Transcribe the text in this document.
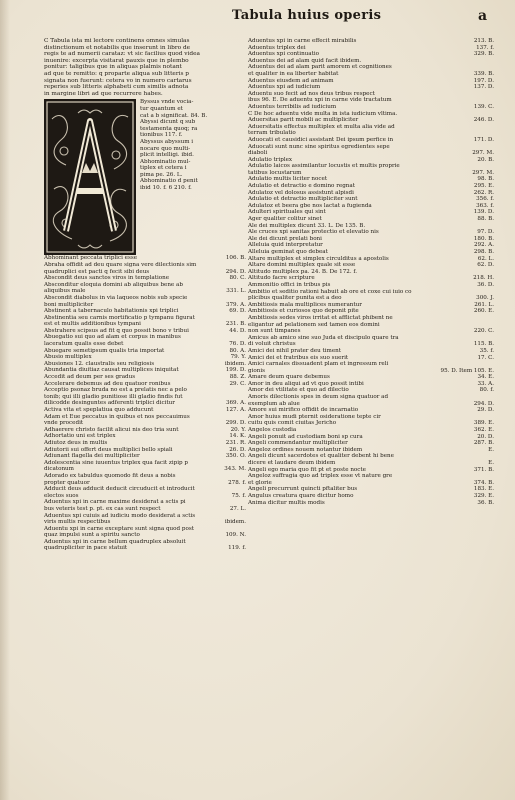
Tabula huius operis	a
C Tabula ista mi lectore continens omnes simulas
distinctionum et notabilis que inserunt in libro de
regis te ad numerii carataz: vt sic facilius quod videa
inuenire: excerpta visitarat pauxis que in plembo
ponitur: taligibus que in aliquas plalmis notant
ad que te remitto: q proparte aliqua sub litteris p
signata non fuerunt: cetera vo in numero cartarus
reperies sub litteris alphabeti cum similis adnota
in margine libri ad que recurrere habes.
Byssus vnde vocia-
tur quantum et
cat a b significat. 84. B.
Abyssi dicunt q sub
testamenta quoq; ra
tionibus 117. f.
Abyssus abyssum i
nocare quo multi-
plicit intelligi. ibid.
Abhominatio mul-
tiplex et cetera i
pima pe. 26. L.
Abhominatio d penit
ibid 10. f. 6 210. f.
Abhominant peccata triplici esse	106. B.
Abraha offidit ad deu quare signa vere dilectionis sim
quadruplici est pacti q fecit sibi deus	294. D.
Abscondit deus sanctos viros in templatione	80. C.
Absconditur eloquia domini ab aliquibus bene ab
aliquibus male	331. L.
Abscondit diabolus in via laqueos nobis sub specie
boni multipliciter	379. A.
Abstinent a tabernaculo habitationis xpi triplici	69. D.
Abstinentia seu carnis mortificatio p tympanu figurat
est et multis additionibus tympani	231. B.
Abstrahere scipsus ad fit q quo possit bono v tribui	44. D.
Abuegatio sui quo ad alam et corpus in manibus
laceratum qualis esse debet	76. D.
Abuegare semetipsum qualis tria importat	80. A.
Abusio multiplex	79. Y.
Abusiones 12. claustralis seu religiosis	ibidem.
Abundantia diuitiaz causat multiplices iniquitat	199. D.
Accedit ad deum per ses gradus	88. Z.
Accelerare debemus ad deu quatuor ronibus	29. C.
Acceptio psonaz bruda no est a prelatis nec a pelo
tonib; qui illi gladio punitiose illi gladio findis fut
dilicodde desinguntes adferenti triplici dicitur	369. A.
Activa vita et speplatiua quo adducunt	127. A.
Adam et Eue peccatus in quibus et nos peccauimus
vnde procedit	299. D.
Adhaerere christo facilit alicui nis deo tria sunt	20. Y.
Adhortatio uni est triplex	14. K.
Adiutoz deus in multis	231. R.
Adiutorii sui offert deus multiplici bello spiali	26. D.
Adiunant flagella dei multipliciter	350. O.
Adolescentia sine iuuentus triplex qua facit zipip p
dicatonum	343. M.
Adorado ex tabuldus quomodo fit deus a nobis
propter quatuor	278. f.
Adducit deus adducit deducit circuducit et introducit
electos suos	75. f.
Aduentus xpi in carne maxime desiderat a sctis pi
bus veteris test p. pt. ex cas sunt respect	27. L.
Aduentus xpi cuiuis ad iudiciu modo desiderat a sctis
viris multis respectibus	ibidem.
Aduentu xpi in carne exceptare sunt signa quod post
quaz impulsi sunt a spiritu sancto	109. N.
Aduentus xpi in carne bellum quadruplex absoluit
quadrupliciter in pace statuit	119. f.
Aduentus xpi in carne effecit mirabilis	213. B.
Aduentus triplex dei	137. f.
Aduentus xpi continuatio	329. B.
Aduentus dei ad alam quid facit ibidem.
Aduentus dei ad alam parit amorem et cognitiones
et qualiter in ea liberter habitat	339. B.
Aduentus eiusdem ad animam	197. D.
Aduentus xpi ad iudicium	137. D.
Aduentu suo fecit ad nos deus tribus respect
ibus 96. E. De aduentu xpi in carne vide tractatum
Aduentus terribilis ad iudicium	139. C.
C De hoc aduentu vide multa in ista iudicium vltima.
Aduersitas parit mobili ac multipliciter	246. D.
Aduersitatis effectus multiplex et multa alia vide ad
terram tribulatio
Aduocati et causidici assistant Dei ipsum perfice in	171. D.
Aduocati sunt nunc sine spiritus egredientes sepe
diaboli	297. M.
Adulatio triplex	20. B.
Adulatio laicos assimilantur locustis et multis proprie
tatibus locustarum	297. M.
Adulatio multis liciter nocet	98. B.
Adulatio et detractio e domino regnat	295. E.
Adulatoz vel dolosus assistunt alpisdi	262. R.
Adulatio et detractio multipliciter sunt	356. f.
Adulatoz et beera gbe nos lactat a fugienda	363. f.
Adulteri spirituales qui sint	139. D.
Ager qualiter colitur sinet	88. B.
Ale dei multiplex dicunt 33. L. De 135. B.
Ale cruces xpi sanitas protectio et elevatio nis	97. D.
Ale dei dicunt prelati boni	180. B.
Alleluia quid interpretatur	292. A.
Alleluia geminat quo debeat	298. B.
Altare multiplex et simplex circulditus a apostolis	62. L.
Altare domini multiplex quale sit esse	62. D.
Altitudo multiplex pa. 24. B. De 172. f.
Altitudo facre scripture	218. H.
Ammonitio offici in tribus pis	36. D.
Ambitio et seditio rationi habuit ab ore et coxe cui iuio co
plicibus qualiter punita est a deo	300. J.
Ambitiosis mala multiplices numerantur	261. L.
Ambitiosis et curiosos quo deponit pite	260. E.
Ambitiosis sedes viros irritat et afflictat phibent ne
eligantur ad pelationem sed tamen eos domini
non sunt timpanes	220. C.
Amicus ab amico sine suo Juda et discipulo quare tra
di voluit christus	115. B.
Amici dei nihil prater deu timent	35. f.
Amici dei et fratribus eis suo suerit	17. C.
Amici carnales dissuadent plam et ingressum reli
gionis	95. D. Item 105. E.
Amare deum quare debemus	34. E.
Amor in deu aliqui ad vt quo possit intibi	33. A.
Amor dei vtilitate et quo ad dilectio	80. f.
Amoris dilectionis spes in deum signa quatuor ad
exemplum ab alue	294. D.
Amore sui mirifico offidit de incarnatio	29. D.
Amor huius mudi pternit osideratione tepte cir
cuitu quis comit ciuitas Jericho	389. E.
Angelos custodia	362. E.
Angeli ponuit ad custodiam boni sp cura	20. D.
Angeli commendantur multipliciter	287. B.
Angeloz ordines nouem notantur ibidem	E.
Angeli dicunt sacerdotes et qualiter debent hi bene
dicere et laudare deum ibidem	E.
Angeli ego maria quo fit pt et poste nocte	371. B.
Angeloz suffragia quo ad triplex esse vt nature gre
et glorie	374. B.
Angeli precurrunt quincti pftaliter bus	183. E.
Angulus creatura quare dicitur homo	329. E.
Anima dicitur multis modis	36. B.
